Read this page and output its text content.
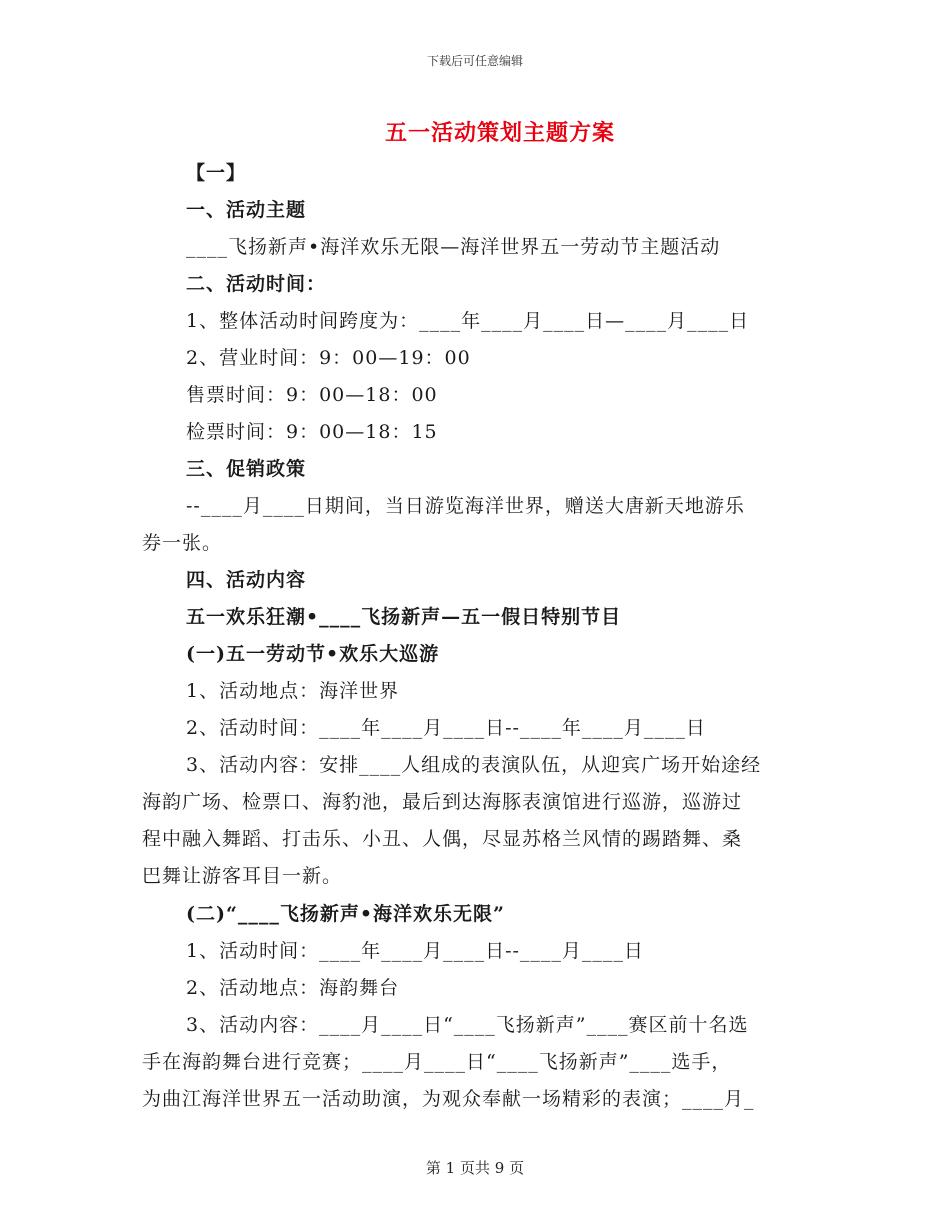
下载后可任意编辑
五一活动策划主题方案
【一】
一、活动主题
____飞扬新声•海洋欢乐无限—海洋世界五一劳动节主题活动
二、活动时间：
1、整体活动时间跨度为：____年____月____日—____月____日
2、营业时间：9：00—19：00
售票时间：9：00—18：00
检票时间：9：00—18：15
三、促销政策
--____月____日期间，当日游览海洋世界，赠送大唐新天地游乐
券一张。
四、活动内容
五一欢乐狂潮•____飞扬新声—五一假日特别节目
(一)五一劳动节•欢乐大巡游
1、活动地点：海洋世界
2、活动时间：____年____月____日--____年____月____日
3、活动内容：安排____人组成的表演队伍，从迎宾广场开始途经
海韵广场、检票口、海豹池，最后到达海豚表演馆进行巡游，巡游过
程中融入舞蹈、打击乐、小丑、人偶，尽显苏格兰风情的踢踏舞、桑
巴舞让游客耳目一新。
(二)“____飞扬新声•海洋欢乐无限”
1、活动时间：____年____月____日--____月____日
2、活动地点：海韵舞台
3、活动内容：____月____日“____飞扬新声”____赛区前十名选
手在海韵舞台进行竞赛；____月____日“____飞扬新声”____选手，
为曲江海洋世界五一活动助演，为观众奉献一场精彩的表演；____月_
第 1 页共 9 页
